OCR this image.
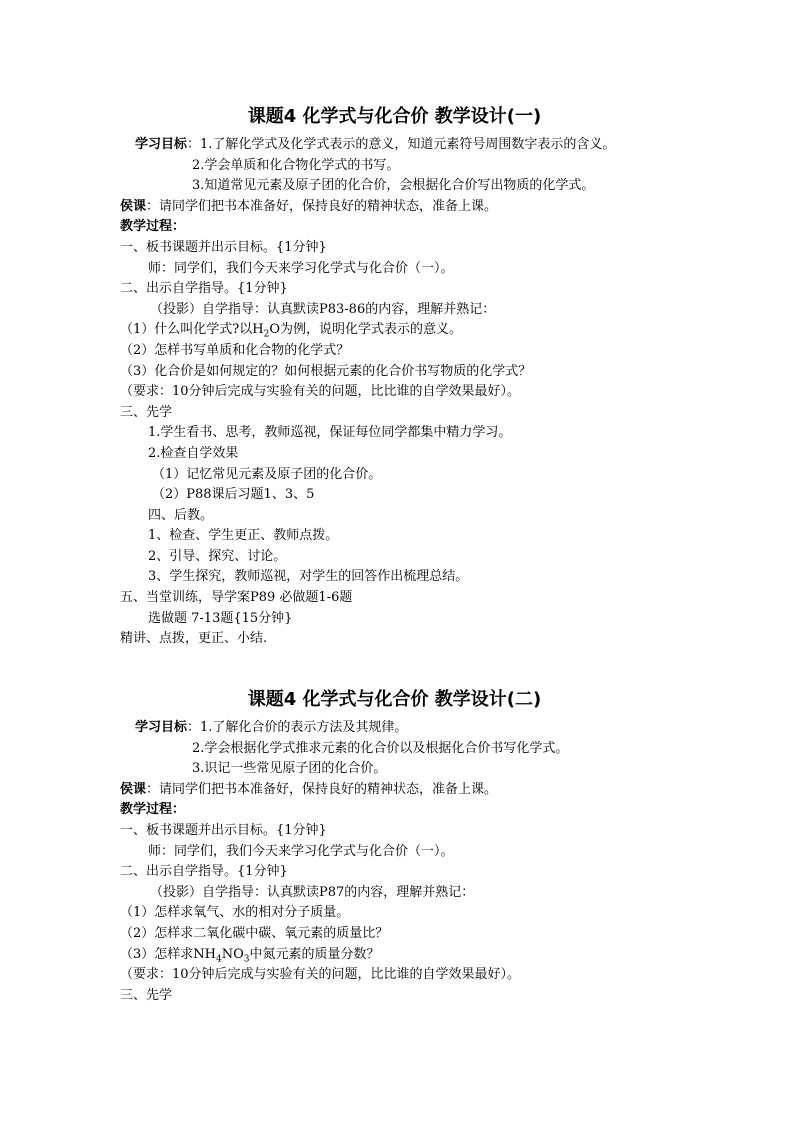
课题4 化学式与化合价 教学设计(一)
学习目标：1.了解化学式及化学式表示的意义，知道元素符号周围数字表示的含义。
2.学会单质和化合物化学式的书写。
3.知道常见元素及原子团的化合价，会根据化合价写出物质的化学式。
侯课：请同学们把书本准备好，保持良好的精神状态，准备上课。
教学过程：
一、板书课题并出示目标。{1分钟}
师：同学们，我们今天来学习化学式与化合价（一）。
二、出示自学指导。{1分钟}
（投影）自学指导：认真默读P83-86的内容，理解并熟记：
（1）什么叫化学式?以$H_2O$为例，说明化学式表示的意义。
（2）怎样书写单质和化合物的化学式？
（3）化合价是如何规定的？如何根据元素的化合价书写物质的化学式？
（要求：10分钟后完成与实验有关的问题，比比谁的自学效果最好）。
三、先学
1.学生看书、思考，教师巡视，保证每位同学都集中精力学习。
2.检查自学效果
（1）记忆常见元素及原子团的化合价。
（2）P88课后习题1、3、5
四、后教。
1、检查、学生更正、教师点拨。
2、引导、探究、讨论。
3、学生探究，教师巡视，对学生的回答作出梳理总结。
五、当堂训练，导学案P89 必做题1-6题
选做题 7-13题{15分钟}
精讲、点拨，更正、小结.
课题4 化学式与化合价 教学设计(二)
学习目标：1.了解化合价的表示方法及其规律。
2.学会根据化学式推求元素的化合价以及根据化合价书写化学式。
3.识记一些常见原子团的化合价。
侯课：请同学们把书本准备好，保持良好的精神状态，准备上课。
教学过程：
一、板书课题并出示目标。{1分钟}
师：同学们，我们今天来学习化学式与化合价（一）。
二、出示自学指导。{1分钟}
（投影）自学指导：认真默读P87的内容，理解并熟记：
（1）怎样求氧气、水的相对分子质量。
（2）怎样求二氧化碳中碳、氧元素的质量比？
（3）怎样求$NH_4NO_3$中氮元素的质量分数？
（要求：10分钟后完成与实验有关的问题，比比谁的自学效果最好）。
三、先学
